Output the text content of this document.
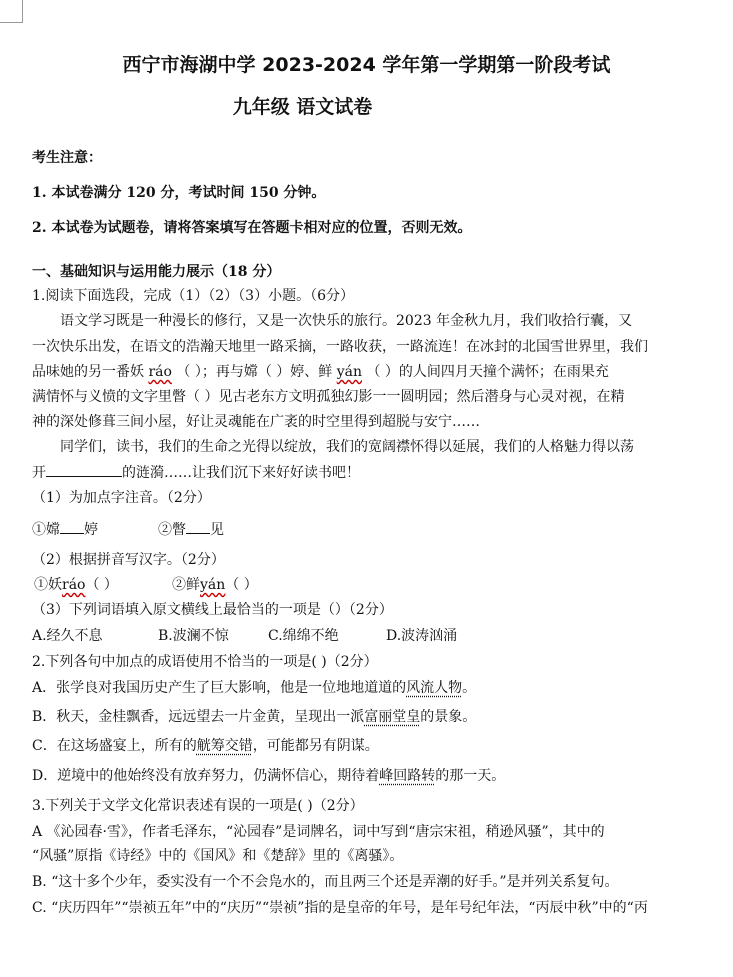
西宁市海湖中学 2023-2024 学年第一学期第一阶段考试
九年级 语文试卷
考生注意：
1. 本试卷满分 120 分，考试时间 150 分钟。
2. 本试卷为试题卷，请将答案填写在答题卡相对应的位置，否则无效。
一、基础知识与运用能力展示（18 分）
1.阅读下面选段，完成（1）（2）（3）小题。（6分）
语文学习既是一种漫长的修行，又是一次快乐的旅行。2023 年金秋九月，我们收拾行囊，又
一次快乐出发，在语文的浩瀚天地里一路采摘，一路收获，一路流连！在冰封的北国雪世界里，我们
品味她的另一番妖 ráo （ ）；再与嫦（ ）婷、鲜 yán （ ）的人间四月天撞个满怀；在雨果充
满情怀与义愤的文字里瞥（ ）见古老东方文明孤独幻影一一圆明园；然后潜身与心灵对视，在精
神的深处修葺三间小屋，好让灵魂能在广袤的时空里得到超脱与安宁……
同学们，读书，我们的生命之光得以绽放，我们的宽阔襟怀得以延展，我们的人格魅力得以荡
开	的涟漪……让我们沉下来好好读书吧！
（1）为加点字注音。（2分）
①嫦 婷	②瞥 见
（2）根据拼音写汉字。（2分）
①妖ráo（ ）	②鲜yán（ ）
（3）下列词语填入原文横线上最恰当的一项是（）（2分）
A.经久不息	B.波澜不惊	C.绵绵不绝	D.波涛汹涌
2.下列各句中加点的成语使用不恰当的一项是( )（2分）
A．张学良对我国历史产生了巨大影响，他是一位地地道道的风流人物。
B．秋天，金桂飘香，远远望去一片金黄，呈现出一派富丽堂皇的景象。
C．在这场盛宴上，所有的觥筹交错，可能都另有阴谋。
D．逆境中的他始终没有放弃努力，仍满怀信心，期待着峰回路转的那一天。
3.下列关于文学文化常识表述有误的一项是( )（2分）
A 《沁园春·雪》，作者毛泽东，“沁园春”是词牌名，词中写到“唐宗宋祖，稍逊风骚”，其中的
“风骚”原指《诗经》中的《国风》和《楚辞》里的《离骚》。
B. “这十多个少年，委实没有一个不会凫水的，而且两三个还是弄潮的好手。”是并列关系复句。
C. “庆历四年”“崇祯五年”中的“庆历”“崇祯”指的是皇帝的年号，是年号纪年法，“丙辰中秋”中的“丙
